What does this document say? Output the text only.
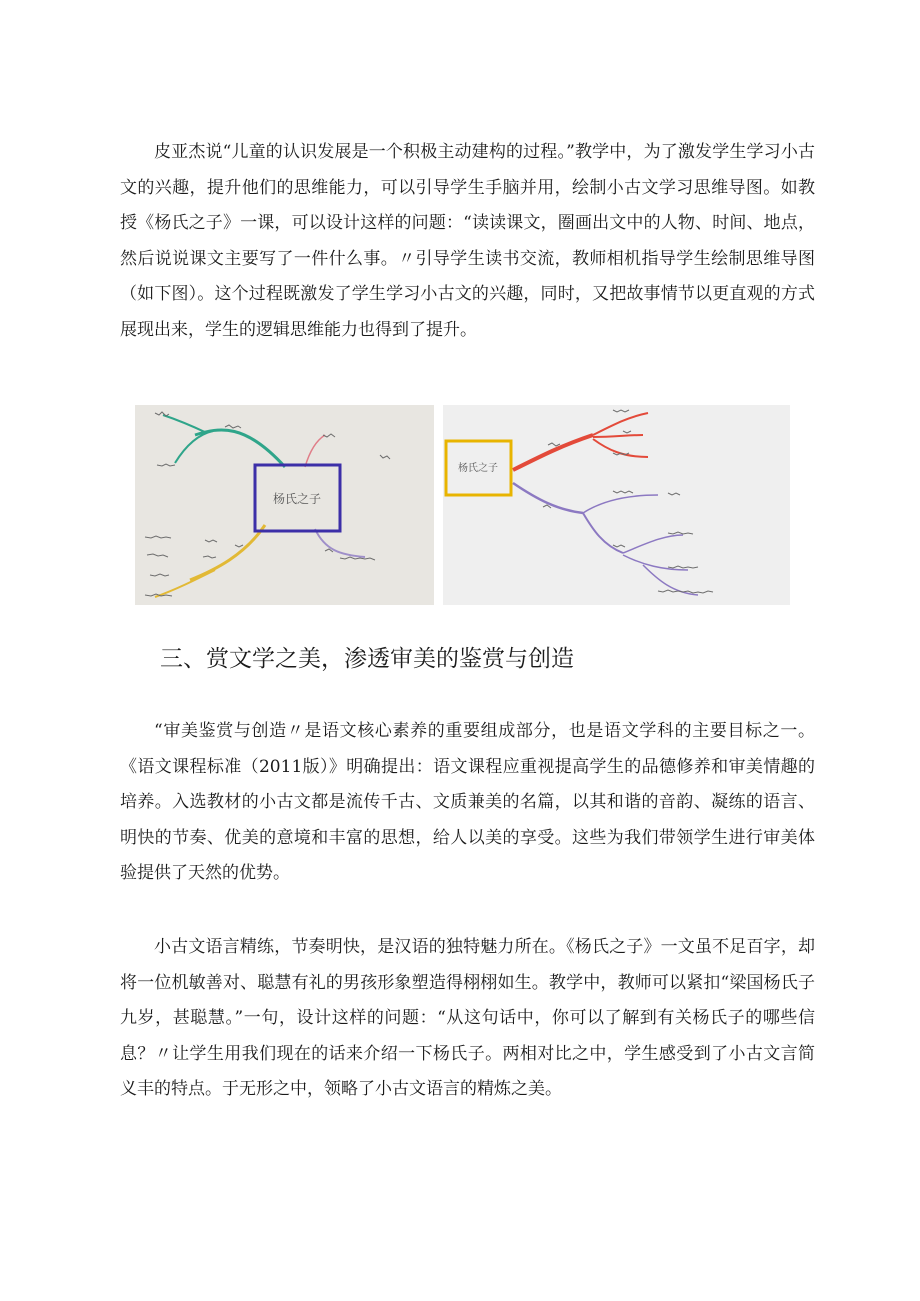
皮亚杰说“儿童的认识发展是一个积极主动建构的过程。”教学中，为了激发学生学习小古文的兴趣，提升他们的思维能力，可以引导学生手脑并用，绘制小古文学习思维导图。如教授《杨氏之子》一课，可以设计这样的问题：“读读课文，圈画出文中的人物、时间、地点，然后说说课文主要写了一件什么事。〃引导学生读书交流，教师相机指导学生绘制思维导图（如下图）。这个过程既激发了学生学习小古文的兴趣，同时，又把故事情节以更直观的方式展现出来，学生的逻辑思维能力也得到了提升。

杨氏之子
杨氏之子
三、赏文学之美，渗透审美的鉴赏与创造

“审美鉴赏与创造〃是语文核心素养的重要组成部分，也是语文学科的主要目标之一。《语文课程标准（2011版）》明确提出：语文课程应重视提高学生的品德修养和审美情趣的培养。入选教材的小古文都是流传千古、文质兼美的名篇，以其和谐的音韵、凝练的语言、明快的节奏、优美的意境和丰富的思想，给人以美的享受。这些为我们带领学生进行审美体验提供了天然的优势。

小古文语言精练，节奏明快，是汉语的独特魅力所在。《杨氏之子》一文虽不足百字，却将一位机敏善对、聪慧有礼的男孩形象塑造得栩栩如生。教学中，教师可以紧扣“梁国杨氏子九岁，甚聪慧。”一句，设计这样的问题：“从这句话中，你可以了解到有关杨氏子的哪些信息？〃让学生用我们现在的话来介绍一下杨氏子。两相对比之中，学生感受到了小古文言简义丰的特点。于无形之中，领略了小古文语言的精炼之美。
